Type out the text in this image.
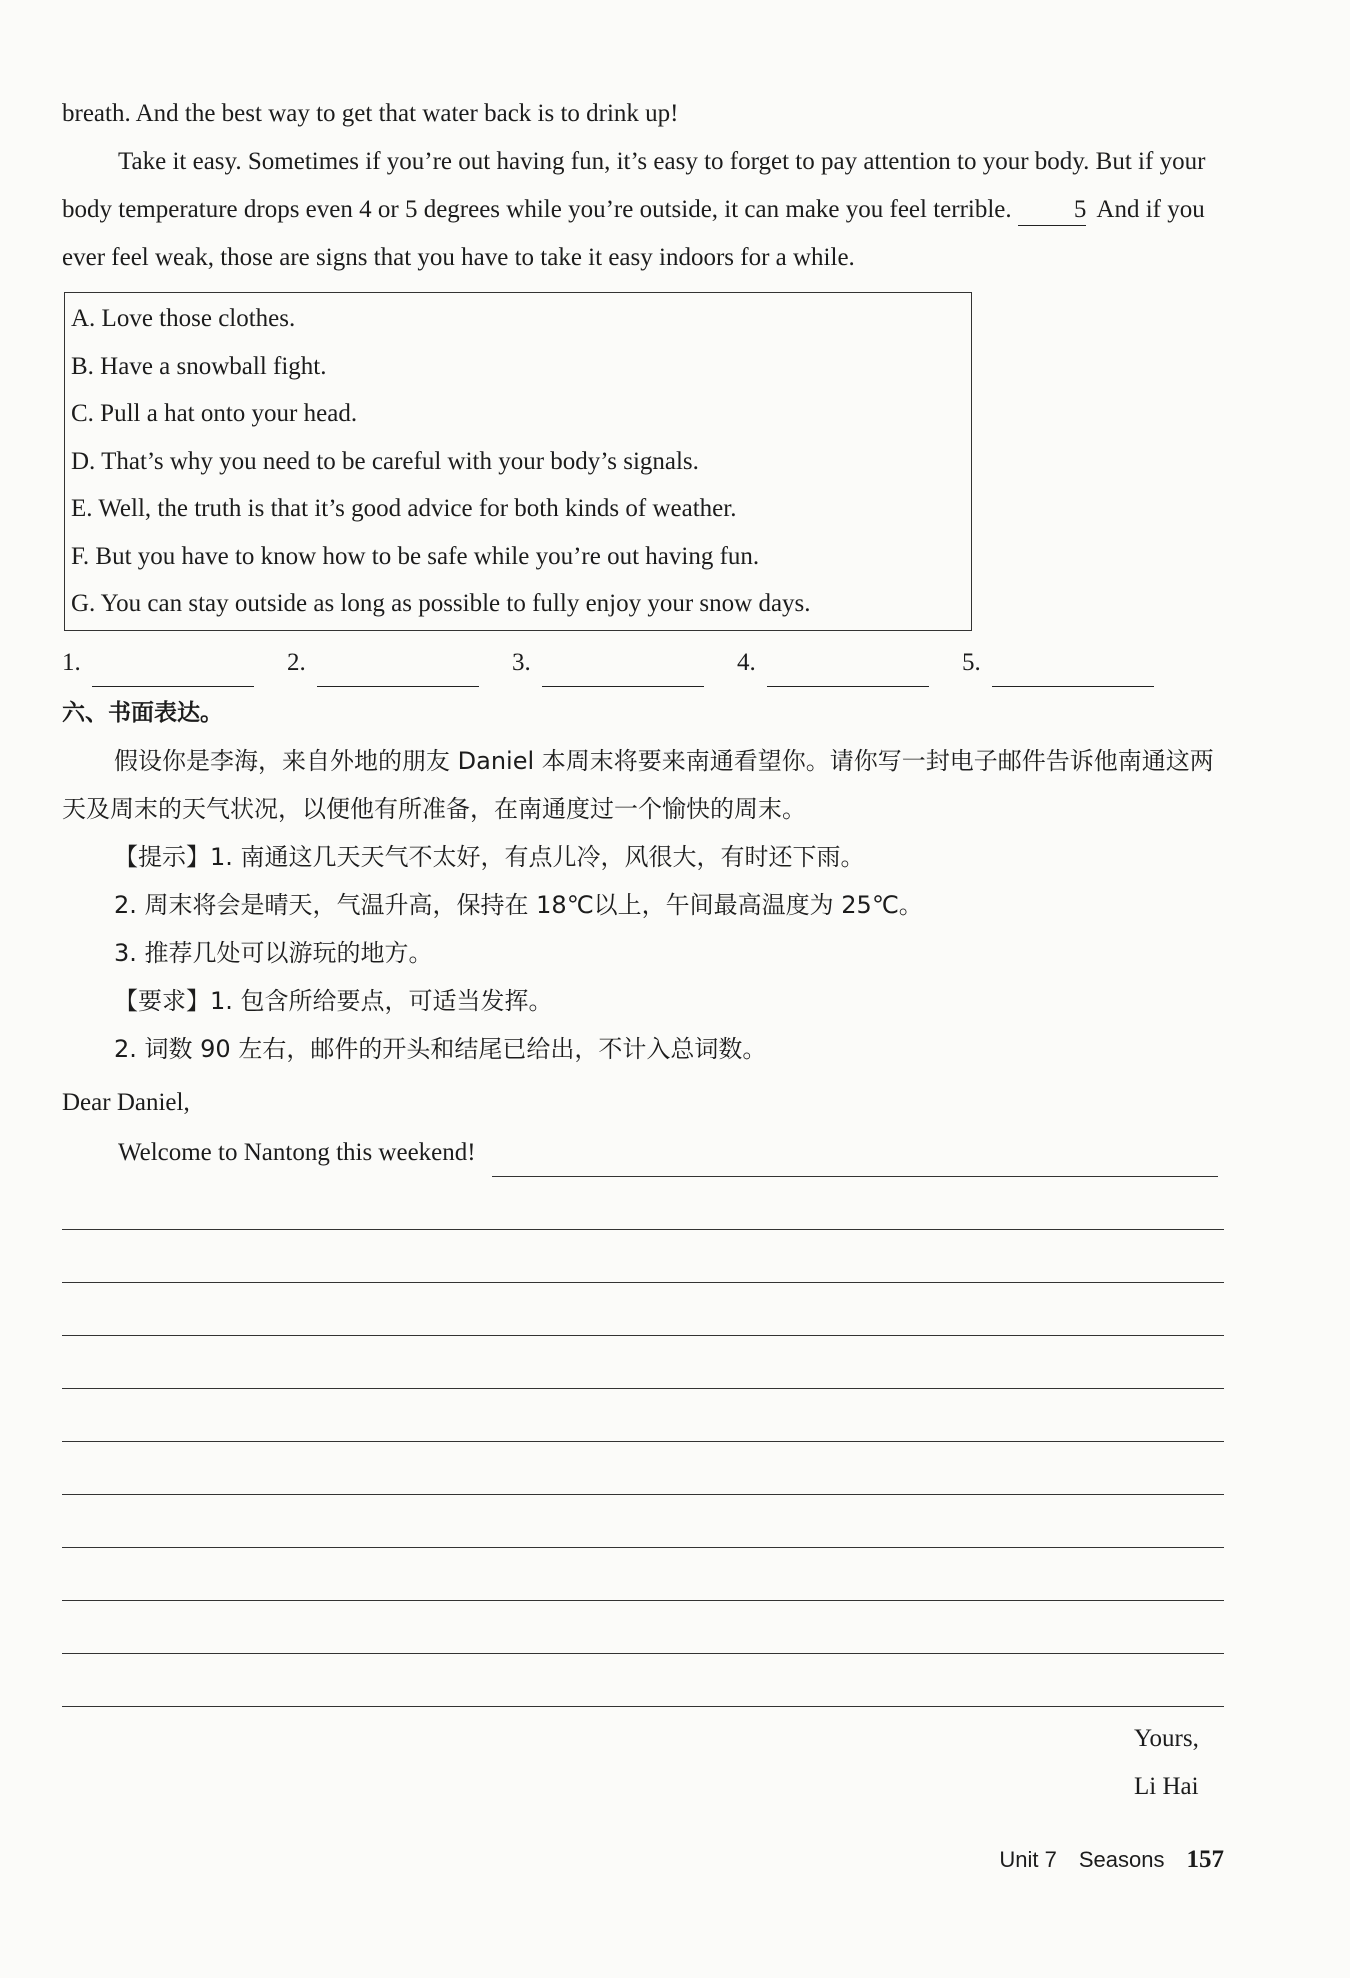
breath. And the best way to get that water back is to drink up!

Take it easy. Sometimes if you’re out having fun, it’s easy to forget to pay attention to your body. But if your body temperature drops even 4 or 5 degrees while you’re outside, it can make you feel terrible. 5 And if you ever feel weak, those are signs that you have to take it easy indoors for a while.

A. Love those clothes.
B. Have a snowball fight.
C. Pull a hat onto your head.
D. That’s why you need to be careful with your body’s signals.
E. Well, the truth is that it’s good advice for both kinds of weather.
F. But you have to know how to be safe while you’re out having fun.
G. You can stay outside as long as possible to fully enjoy your snow days.
1.	2.	3.	4.	5.
六、书面表达。

假设你是李海，来自外地的朋友 Daniel 本周末将要来南通看望你。请你写一封电子邮件告诉他南通这两天及周末的天气状况，以便他有所准备，在南通度过一个愉快的周末。

【提示】1. 南通这几天天气不太好，有点儿冷，风很大，有时还下雨。

2. 周末将会是晴天，气温升高，保持在 18℃以上，午间最高温度为 25℃。

3. 推荐几处可以游玩的地方。

【要求】1. 包含所给要点，可适当发挥。

2. 词数 90 左右，邮件的开头和结尾已给出，不计入总词数。

Dear Daniel,

Welcome to Nantong this weekend!
Yours,
Li Hai
Unit 7 Seasons 157
